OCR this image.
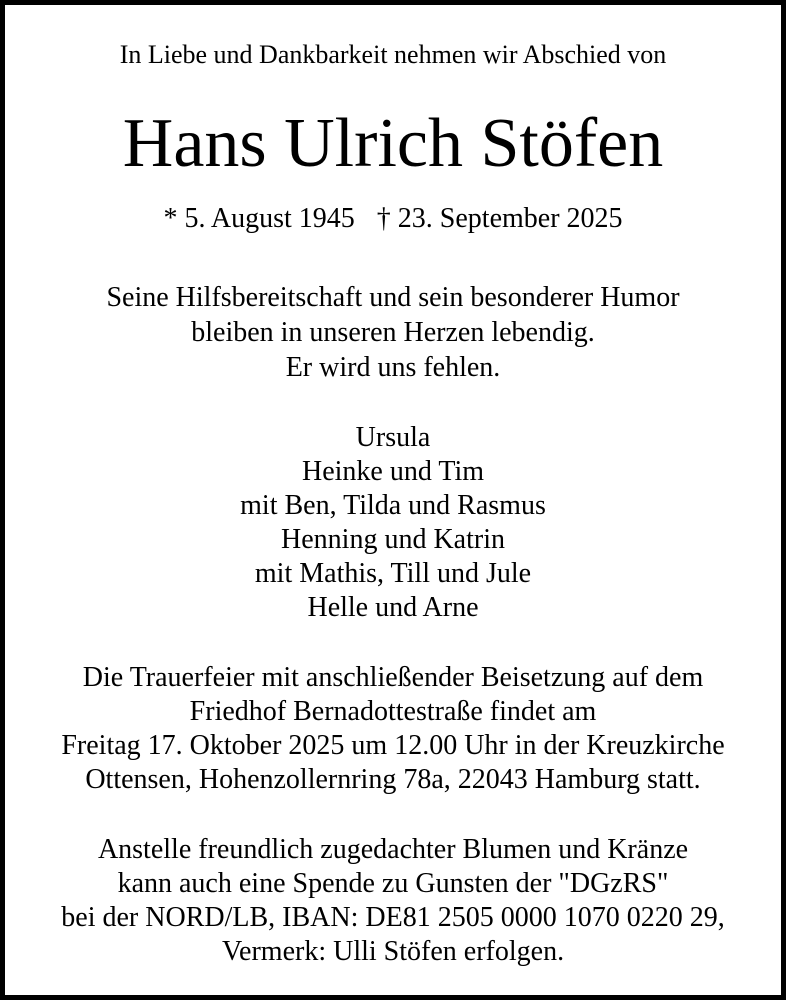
In Liebe und Dankbarkeit nehmen wir Abschied von
Hans Ulrich Stöfen
* 5. August 1945 † 23. September 2025
Seine Hilfsbereitschaft und sein besonderer Humor
bleiben in unseren Herzen lebendig.
Er wird uns fehlen.
Ursula
Heinke und Tim
mit Ben, Tilda und Rasmus
Henning und Katrin
mit Mathis, Till und Jule
Helle und Arne
Die Trauerfeier mit anschließender Beisetzung auf dem
Friedhof Bernadottestraße findet am
Freitag 17. Oktober 2025 um 12.00 Uhr in der Kreuzkirche
Ottensen, Hohenzollernring 78a, 22043 Hamburg statt.
Anstelle freundlich zugedachter Blumen und Kränze
kann auch eine Spende zu Gunsten der "DGzRS"
bei der NORD/LB, IBAN: DE81 2505 0000 1070 0220 29,
Vermerk: Ulli Stöfen erfolgen.
